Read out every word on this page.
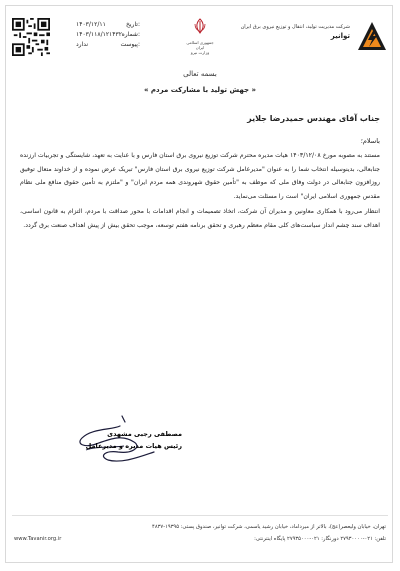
تاریخ:
۱۴۰۳/۱۲/۱۱
شماره:
۱۴۰۳/۱۱۸/۱۲۱۴۳۲
پیوست:
ندارد	جمهوری اسلامی ایران
وزارت نیرو
شرکت مدیریت تولید، انتقال و توزیع نیروی برق ایران
توانیر
بسمه تعالی
« جهش تولید با مشارکت مردم »
جناب آقای مهندس حمیدرضا جلایر
باسلام؛
مستند به مصوبه مورخ ۱۴۰۳/۱۲/۰۸ هیات مدیره محترم شرکت توزیع نیروی برق استان فارس و با عنایت به تعهد، شایستگی و تجربیات ارزنده جنابعالی، بدینوسیله انتخاب شما را به عنوان "مدیرعامل شرکت توزیع نیروی برق استان فارس" تبریک عرض نموده و از خداوند متعال توفیق روزافزون جنابعالی در دولت وفاق ملی که موظف به "تأمین حقوق شهروندی همه مردم ایران" و "ملتزم به تأمین حقوق منافع ملی نظام مقدس جمهوری اسلامی ایران" است را مسئلت می‌نماید.
انتظار می‌رود با همکاری معاونین و مدیران آن شرکت، اتخاذ تصمیمات و انجام اقدامات با محور صداقت با مردم، التزام به قانون اساسی، اهداف سند چشم انداز سیاست‌های کلی مقام معظم رهبری و تحقق برنامه هفتم توسعه، موجب تحقق بیش از پیش اهداف صنعت برق گردد.
مصطفی رجبی مشهدی
رئیس هیات مدیره و مدیرعامل
تهران، خیابان ولیعصر(عج)، بالاتر از میرداماد، خیابان رشید یاسمی، شرکت توانیر، صندوق پستی: ۱۹۳۹۵-۴۸۳۷
تلفن: ۰۲۱-۲۷۹۳۰۰۰۰ دورنگار: ۰۲۱-۲۷۹۳۵۰۰۰ پایگاه اینترنتی:
www.Tavanir.org.ir
